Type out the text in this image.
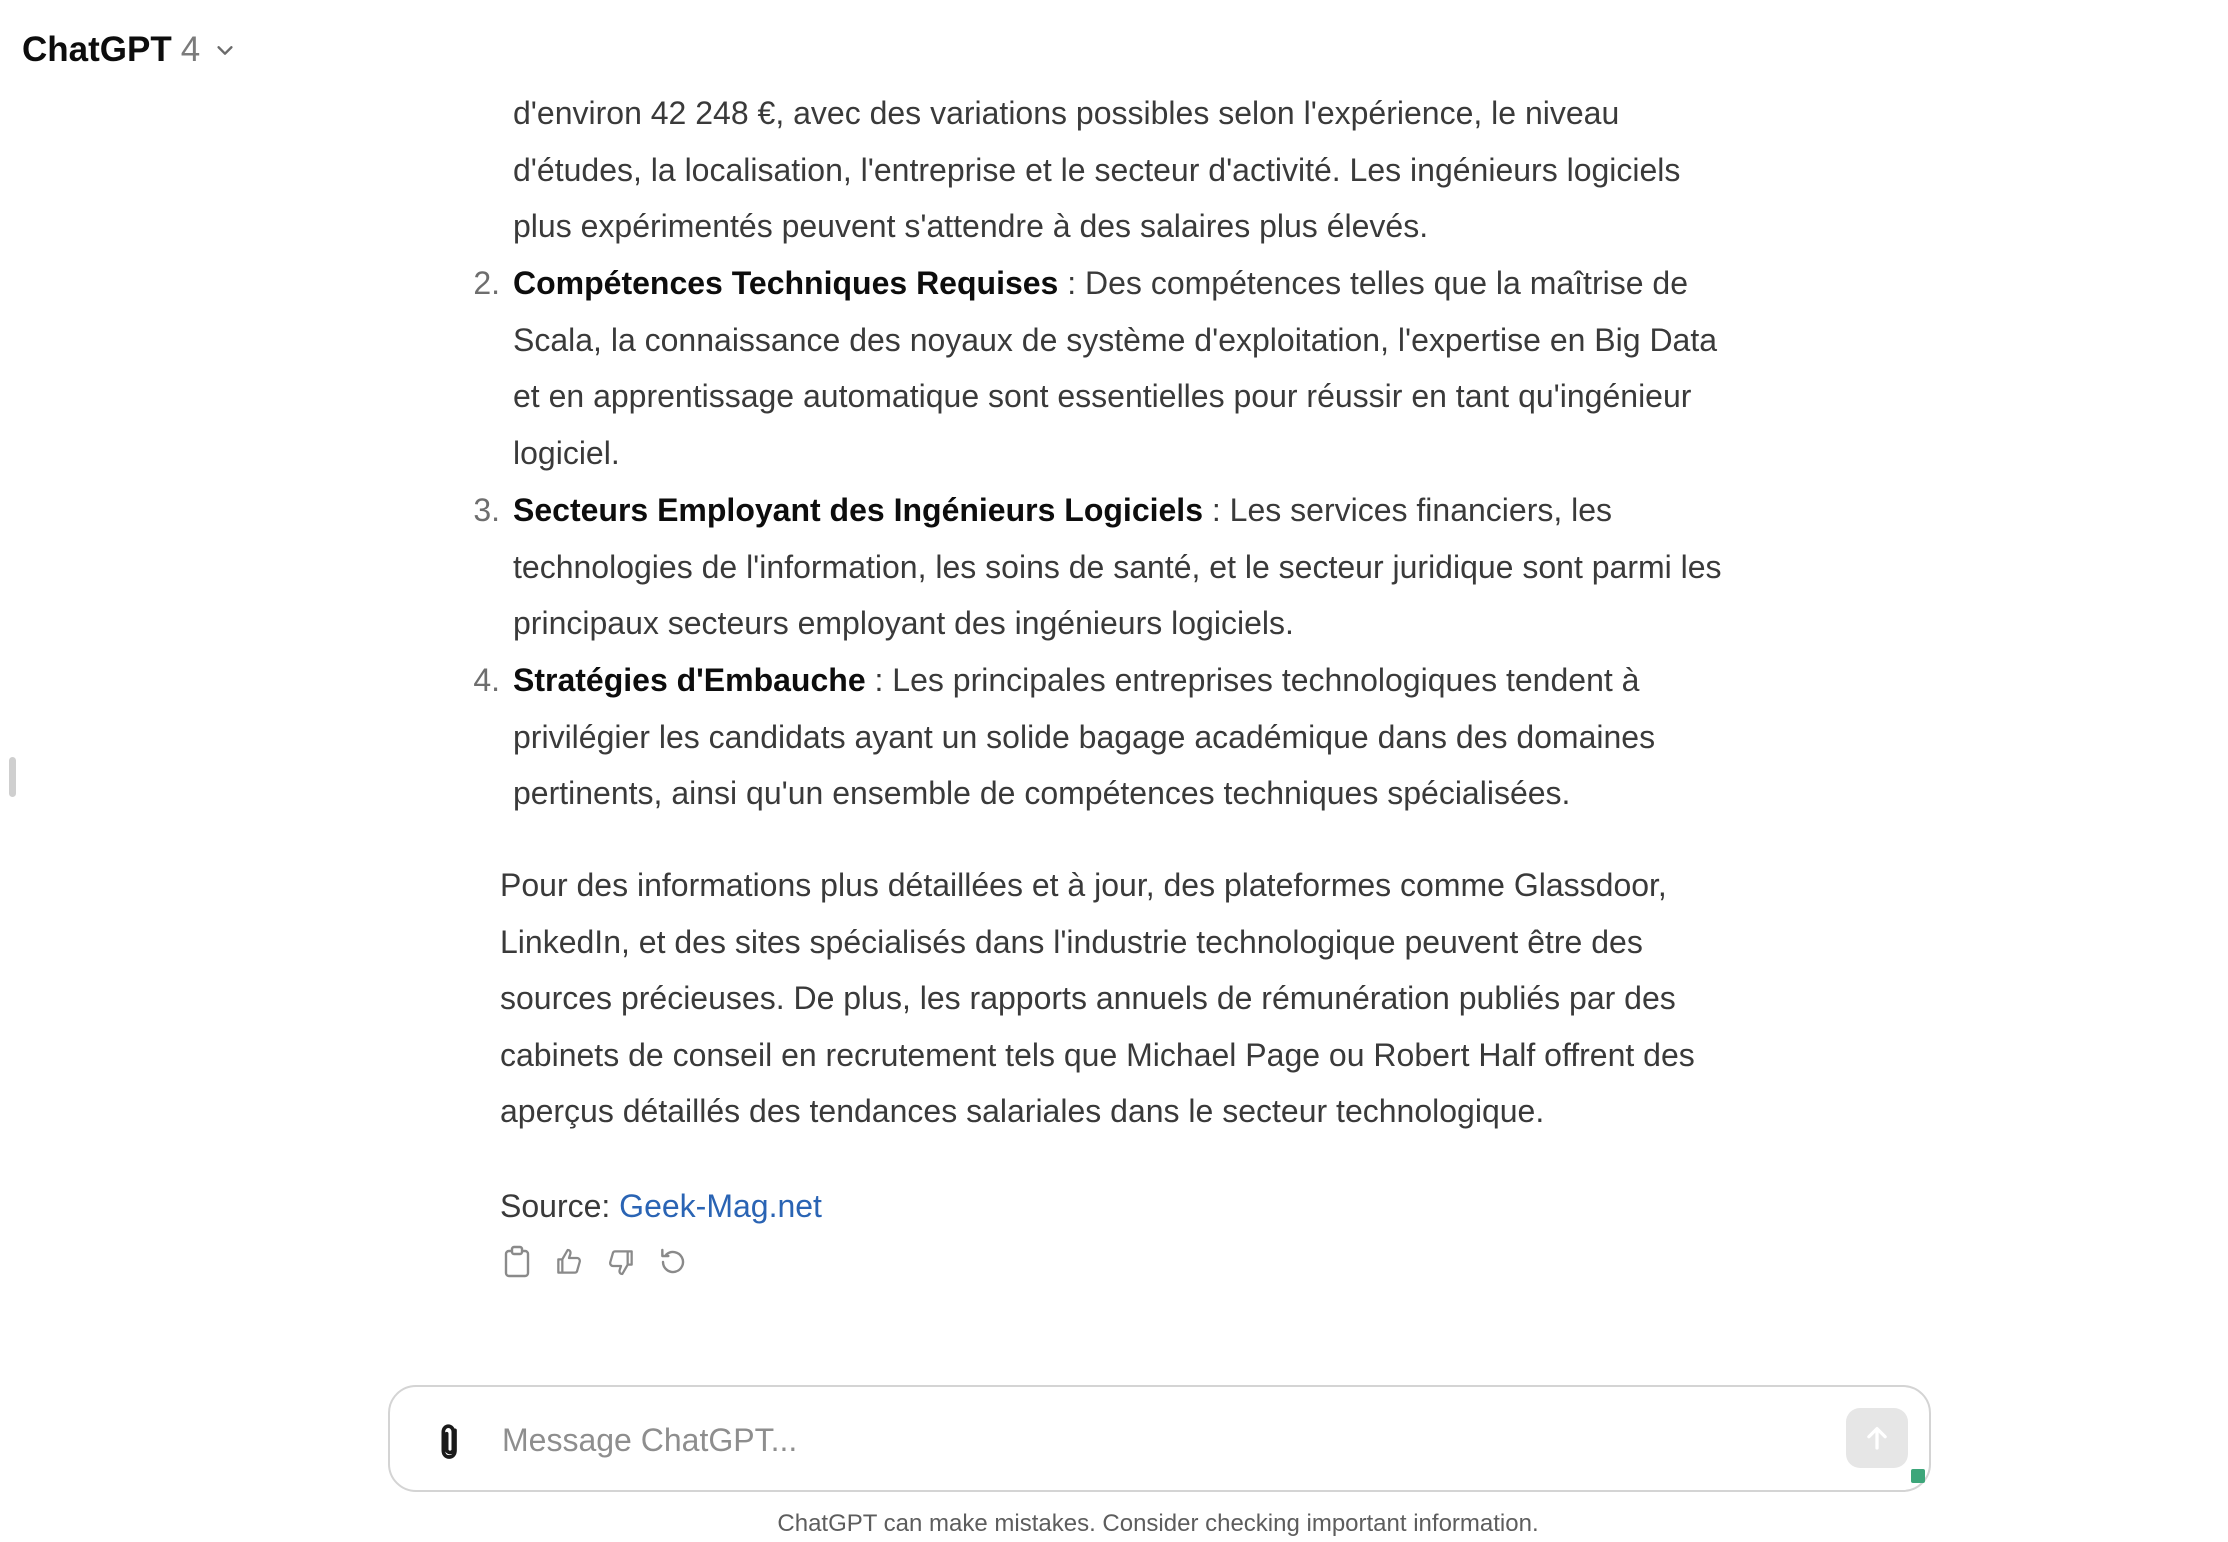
ChatGPT 4
d'environ 42 248 €, avec des variations possibles selon l'expérience, le niveau d'études, la localisation, l'entreprise et le secteur d'activité. Les ingénieurs logiciels plus expérimentés peuvent s'attendre à des salaires plus élevés.
2. Compétences Techniques Requises : Des compétences telles que la maîtrise de Scala, la connaissance des noyaux de système d'exploitation, l'expertise en Big Data et en apprentissage automatique sont essentielles pour réussir en tant qu'ingénieur logiciel.
3. Secteurs Employant des Ingénieurs Logiciels : Les services financiers, les technologies de l'information, les soins de santé, et le secteur juridique sont parmi les principaux secteurs employant des ingénieurs logiciels.
4. Stratégies d'Embauche : Les principales entreprises technologiques tendent à privilégier les candidats ayant un solide bagage académique dans des domaines pertinents, ainsi qu'un ensemble de compétences techniques spécialisées.

Pour des informations plus détaillées et à jour, des plateformes comme Glassdoor, LinkedIn, et des sites spécialisés dans l'industrie technologique peuvent être des sources précieuses. De plus, les rapports annuels de rémunération publiés par des cabinets de conseil en recrutement tels que Michael Page ou Robert Half offrent des aperçus détaillés des tendances salariales dans le secteur technologique.

Source: Geek-Mag.net
Message ChatGPT...
ChatGPT can make mistakes. Consider checking important information.
